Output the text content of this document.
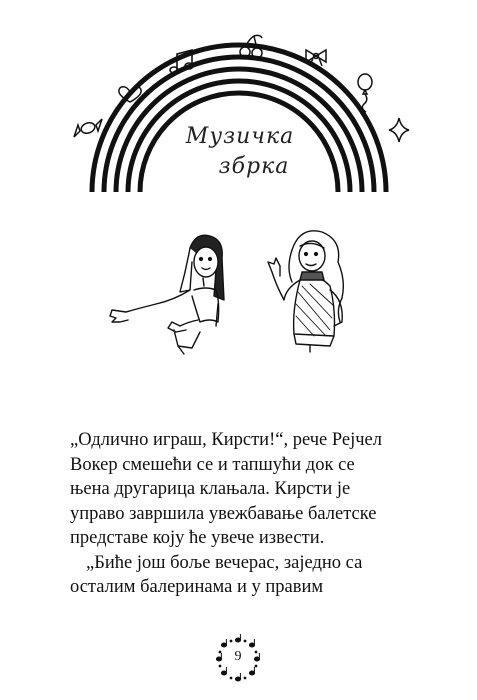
Музичка
збрка
„Одлично играш, Кирсти!“, рече Рејчел
Вокер смешећи се и тапшући док се
њена другарица клањала. Кирсти је
управо завршила увежбавање балетске
представе коју ће увече извести.
„Биће још боље вечерас, заједно са
осталим балеринама и у правим
9
